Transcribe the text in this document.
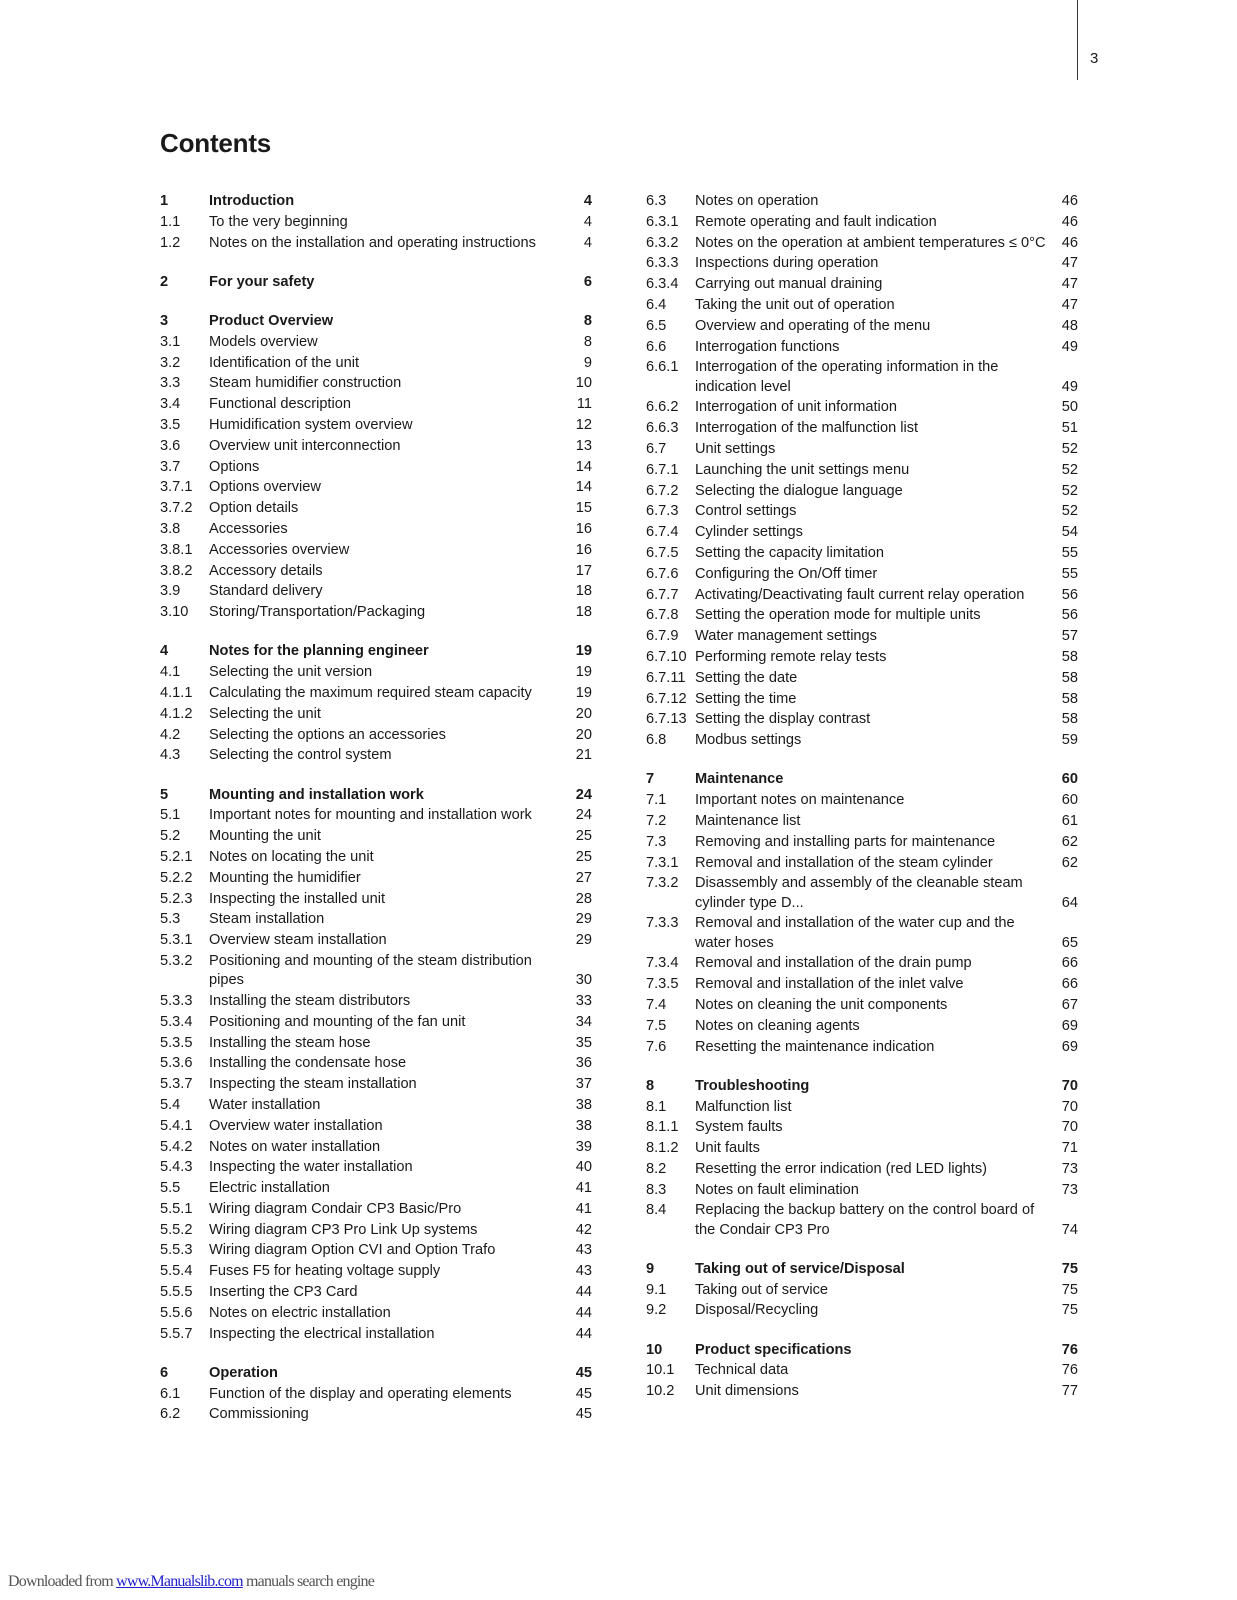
3
Contents
1	Introduction	4
1.1 To the very beginning	4
1.2 Notes on the installation and operating instructions	4
2	For your safety	6
3	Product Overview	8
3.1 Models overview	8
3.2 Identification of the unit	9
3.3 Steam humidifier construction	10
3.4 Functional description	11
3.5 Humidification system overview	12
3.6 Overview unit interconnection	13
3.7 Options	14
3.7.1 Options overview	14
3.7.2 Option details	15
3.8 Accessories	16
3.8.1 Accessories overview	16
3.8.2 Accessory details	17
3.9 Standard delivery	18
3.10 Storing/Transportation/Packaging	18
4	Notes for the planning engineer	19
4.1 Selecting the unit version	19
4.1.1 Calculating the maximum required steam capacity	19
4.1.2 Selecting the unit	20
4.2 Selecting the options an accessories	20
4.3 Selecting the control system	21
5	Mounting and installation work	24
5.1 Important notes for mounting and installation work	24
5.2 Mounting the unit	25
5.2.1 Notes on locating the unit	25
5.2.2 Mounting the humidifier	27
5.2.3 Inspecting the installed unit	28
5.3 Steam installation	29
5.3.1 Overview steam installation	29
5.3.2 Positioning and mounting of the steam distribution pipes	30
5.3.3 Installing the steam distributors	33
5.3.4 Positioning and mounting of the fan unit	34
5.3.5 Installing the steam hose	35
5.3.6 Installing the condensate hose	36
5.3.7 Inspecting the steam installation	37
5.4 Water installation	38
5.4.1 Overview water installation	38
5.4.2 Notes on water installation	39
5.4.3 Inspecting the water installation	40
5.5 Electric installation	41
5.5.1 Wiring diagram Condair CP3 Basic/Pro	41
5.5.2 Wiring diagram CP3 Pro Link Up systems	42
5.5.3 Wiring diagram Option CVI and Option Trafo	43
5.5.4 Fuses F5 for heating voltage supply	43
5.5.5 Inserting the CP3 Card	44
5.5.6 Notes on electric installation	44
5.5.7 Inspecting the electrical installation	44
6	Operation	45
6.1 Function of the display and operating elements	45
6.2 Commissioning	45
6.3 Notes on operation	46
6.3.1 Remote operating and fault indication	46
6.3.2 Notes on the operation at ambient temperatures ≤ 0°C 46
6.3.3 Inspections during operation	47
6.3.4 Carrying out manual draining	47
6.4 Taking the unit out of operation	47
6.5 Overview and operating of the menu	48
6.6 Interrogation functions	49
6.6.1 Interrogation of the operating information in the indication level	49
6.6.2 Interrogation of unit information	50
6.6.3 Interrogation of the malfunction list	51
6.7 Unit settings	52
6.7.1 Launching the unit settings menu	52
6.7.2 Selecting the dialogue language	52
6.7.3 Control settings	52
6.7.4 Cylinder settings	54
6.7.5 Setting the capacity limitation	55
6.7.6 Configuring the On/Off timer	55
6.7.7 Activating/Deactivating fault current relay operation	56
6.7.8 Setting the operation mode for multiple units	56
6.7.9 Water management settings	57
6.7.10 Performing remote relay tests	58
6.7.11 Setting the date	58
6.7.12 Setting the time	58
6.7.13 Setting the display contrast	58
6.8 Modbus settings	59
7	Maintenance	60
7.1 Important notes on maintenance	60
7.2 Maintenance list	61
7.3 Removing and installing parts for maintenance	62
7.3.1 Removal and installation of the steam cylinder	62
7.3.2 Disassembly and assembly of the cleanable steam cylinder type D...	64
7.3.3 Removal and installation of the water cup and the water hoses	65
7.3.4 Removal and installation of the drain pump	66
7.3.5 Removal and installation of the inlet valve	66
7.4 Notes on cleaning the unit components	67
7.5 Notes on cleaning agents	69
7.6 Resetting the maintenance indication	69
8	Troubleshooting	70
8.1 Malfunction list	70
8.1.1 System faults	70
8.1.2 Unit faults	71
8.2 Resetting the error indication (red LED lights)	73
8.3 Notes on fault elimination	73
8.4 Replacing the backup battery on the control board of the Condair CP3 Pro	74
9	Taking out of service/Disposal	75
9.1 Taking out of service	75
9.2 Disposal/Recycling	75
10 Product specifications	76
10.1 Technical data	76
10.2 Unit dimensions	77
Downloaded from www.Manualslib.com manuals search engine
